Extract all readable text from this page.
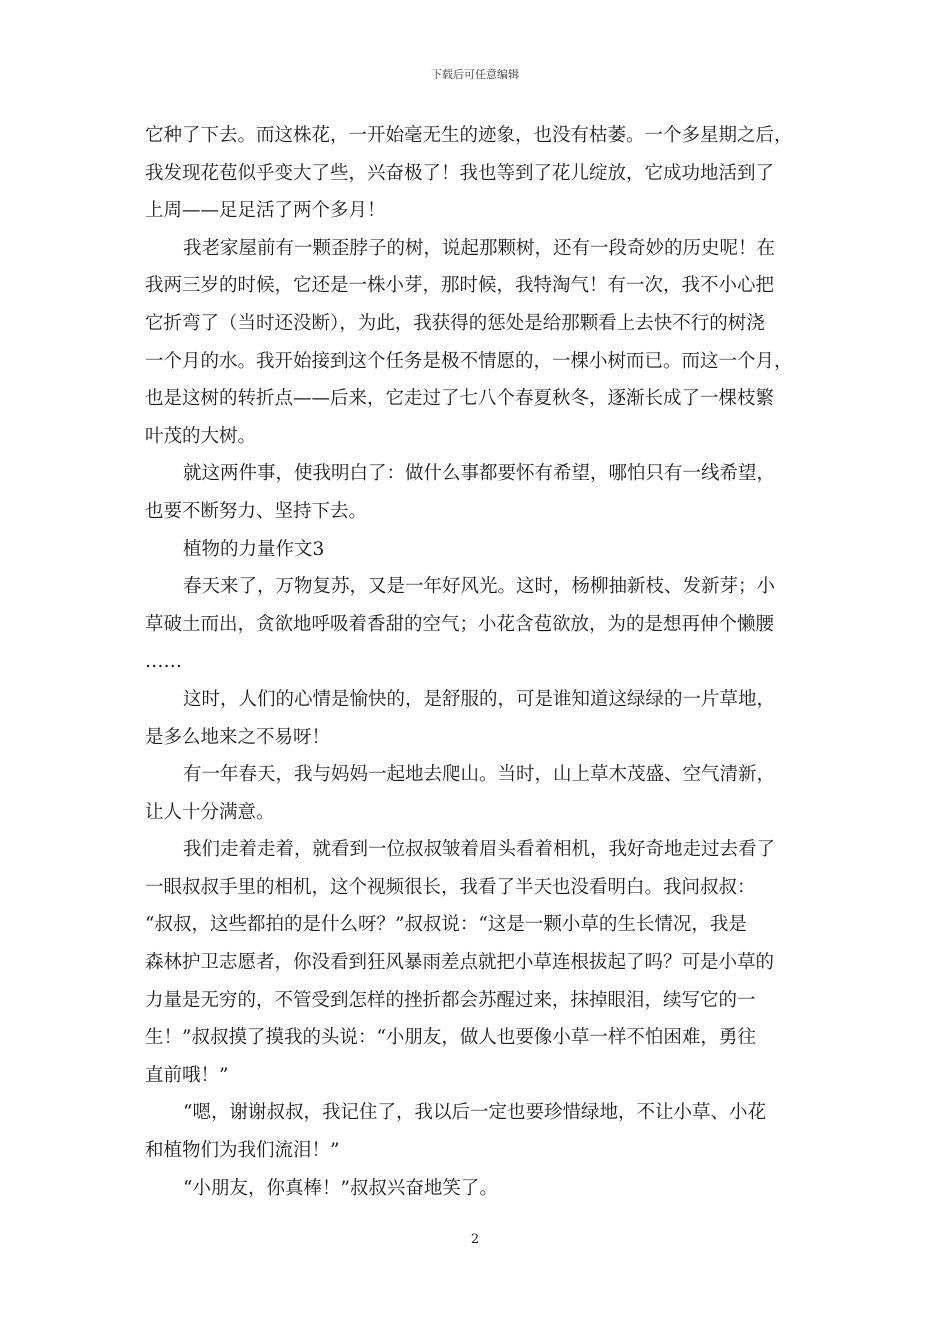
下载后可任意编辑
它种了下去。而这株花，一开始毫无生的迹象，也没有枯萎。一个多星期之后，
我发现花苞似乎变大了些，兴奋极了！我也等到了花儿绽放，它成功地活到了
上周——足足活了两个多月！
我老家屋前有一颗歪脖子的树，说起那颗树，还有一段奇妙的历史呢！在
我两三岁的时候，它还是一株小芽，那时候，我特淘气！有一次，我不小心把
它折弯了（当时还没断），为此，我获得的惩处是给那颗看上去快不行的树浇
一个月的水。我开始接到这个任务是极不情愿的，一棵小树而已。而这一个月，
也是这树的转折点——后来，它走过了七八个春夏秋冬，逐渐长成了一棵枝繁
叶茂的大树。
就这两件事，使我明白了：做什么事都要怀有希望，哪怕只有一线希望，
也要不断努力、坚持下去。
植物的力量作文3
春天来了，万物复苏，又是一年好风光。这时，杨柳抽新枝、发新芽；小
草破土而出，贪欲地呼吸着香甜的空气；小花含苞欲放，为的是想再伸个懒腰
……
这时，人们的心情是愉快的，是舒服的，可是谁知道这绿绿的一片草地，
是多么地来之不易呀！
有一年春天，我与妈妈一起地去爬山。当时，山上草木茂盛、空气清新，
让人十分满意。
我们走着走着，就看到一位叔叔皱着眉头看着相机，我好奇地走过去看了
一眼叔叔手里的相机，这个视频很长，我看了半天也没看明白。我问叔叔：
“叔叔，这些都拍的是什么呀？”叔叔说：“这是一颗小草的生长情况，我是
森林护卫志愿者，你没看到狂风暴雨差点就把小草连根拔起了吗？可是小草的
力量是无穷的，不管受到怎样的挫折都会苏醒过来，抹掉眼泪，续写它的一
生！”叔叔摸了摸我的头说：“小朋友，做人也要像小草一样不怕困难，勇往
直前哦！”
“嗯，谢谢叔叔，我记住了，我以后一定也要珍惜绿地，不让小草、小花
和植物们为我们流泪！”
“小朋友，你真棒！”叔叔兴奋地笑了。
2
